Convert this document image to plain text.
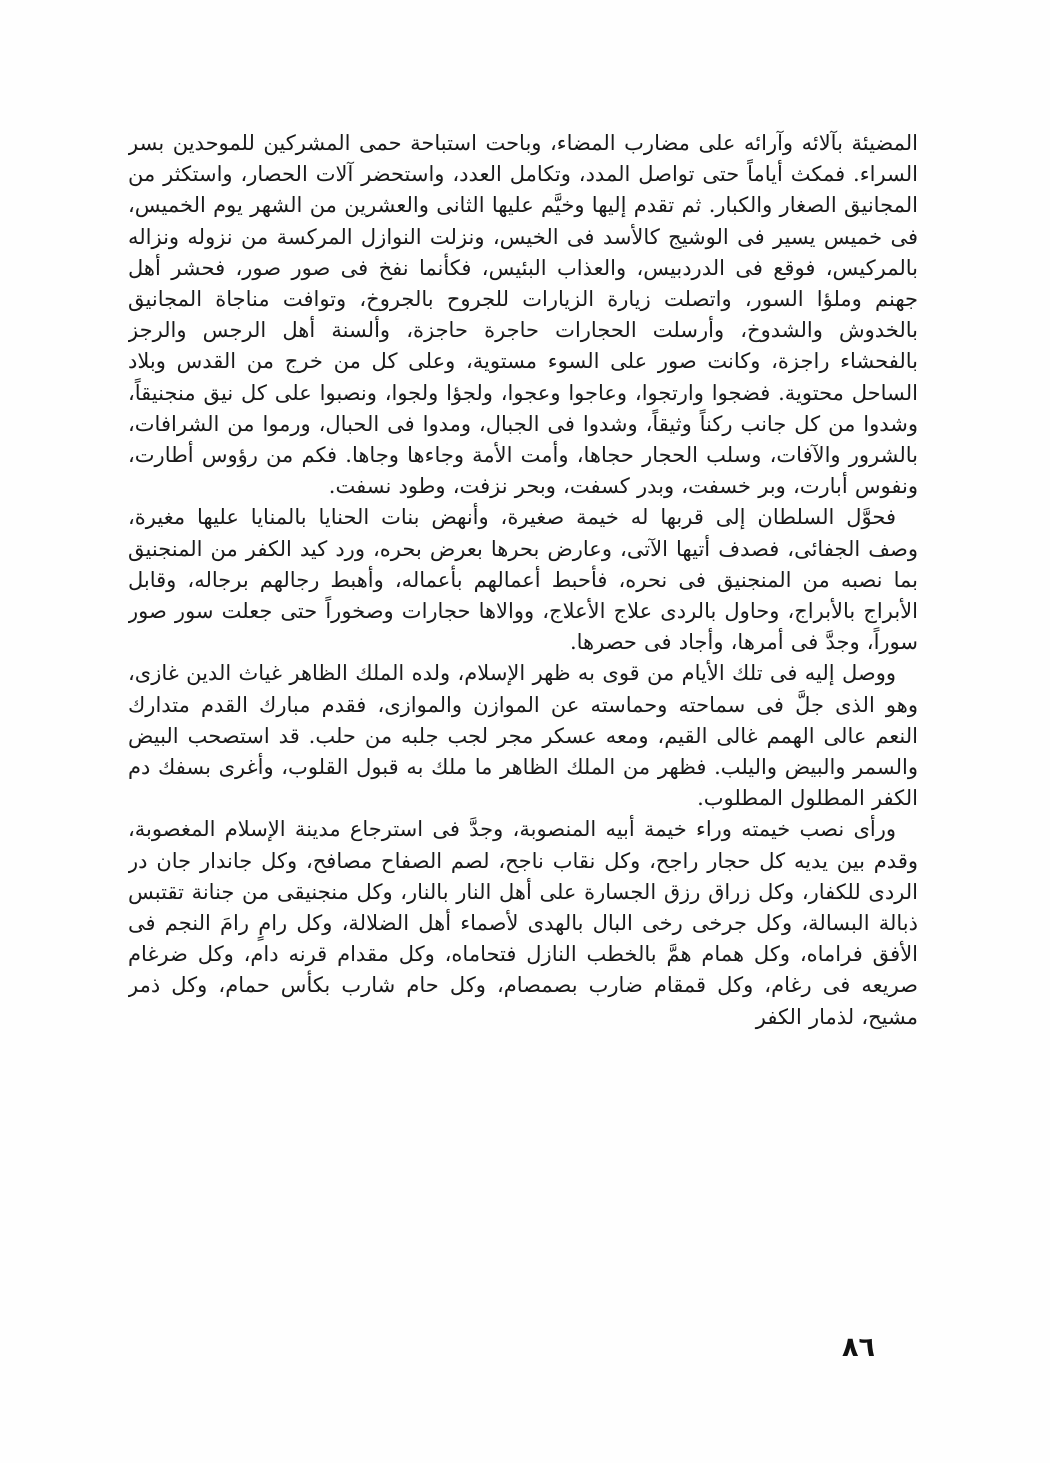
المضيئة بآلائه وآرائه على مضارب المضاء، وباحت استباحة حمى المشركين للموحدين بسر السراء. فمكث أياماً حتى تواصل المدد، وتكامل العدد، واستحضر آلات الحصار، واستكثر من المجانيق الصغار والكبار. ثم تقدم إليها وخيَّم عليها الثانى والعشرين من الشهر يوم الخميس، فى خميس يسير فى الوشيج كالأسد فى الخيس، ونزلت النوازل المركسة من نزوله ونزاله بالمركيس، فوقع فى الدردبيس، والعذاب البئيس، فكأنما نفخ فى صور صور، فحشر أهل جهنم وملؤا السور، واتصلت زيارة الزيارات للجروح بالجروخ، وتوافت مناجاة المجانيق بالخدوش والشدوخ، وأرسلت الحجارات حاجرة حاجزة، وألسنة أهل الرجس والرجز بالفحشاء راجزة، وكانت صور على السوء مستوية، وعلى كل من خرج من القدس وبلاد الساحل محتوية. فضجوا وارتجوا، وعاجوا وعجوا، ولجؤا ولجوا، ونصبوا على كل نيق منجنيقاً، وشدوا من كل جانب ركناً وثيقاً، وشدوا فى الجبال، ومدوا فى الحبال، ورموا من الشرافات، بالشرور والآفات، وسلب الحجار حجاها، وأمت الأمة وجاءها وجاها. فكم من رؤوس أطارت، ونفوس أبارت، وبر خسفت، وبدر كسفت، وبحر نزفت، وطود نسفت.

فحوَّل السلطان إلى قربها له خيمة صغيرة، وأنهض بنات الحنايا بالمنايا عليها مغيرة، وصف الجفائى، فصدف أتيها الآتى، وعارض بحرها بعرض بحره، ورد كيد الكفر من المنجنيق بما نصبه من المنجنيق فى نحره، فأحبط أعمالهم بأعماله، وأهبط رجالهم برجاله، وقابل الأبراج بالأبراج، وحاول بالردى علاج الأعلاج، ووالاها حجارات وصخوراً حتى جعلت سور صور سوراً، وجدَّ فى أمرها، وأجاد فى حصرها.

ووصل إليه فى تلك الأيام من قوى به ظهر الإسلام، ولده الملك الظاهر غياث الدين غازى، وهو الذى جلَّ فى سماحته وحماسته عن الموازن والموازى، فقدم مبارك القدم متدارك النعم عالى الهمم غالى القيم، ومعه عسكر مجر لجب جلبه من حلب. قد استصحب البيض والسمر والبيض واليلب. فظهر من الملك الظاهر ما ملك به قبول القلوب، وأغرى بسفك دم الكفر المطلول المطلوب.

ورأى نصب خيمته وراء خيمة أبيه المنصوبة، وجدَّ فى استرجاع مدينة الإسلام المغصوبة، وقدم بين يديه كل حجار راجح، وكل نقاب ناجح، لصم الصفاح مصافح، وكل جاندار جان در الردى للكفار، وكل زراق رزق الجسارة على أهل النار بالنار، وكل منجنيقى من جنانة تقتبس ذبالة البسالة، وكل جرخى رخى البال بالهدى لأصماء أهل الضلالة، وكل رامٍ رامَ النجم فى الأفق فراماه، وكل همام همَّ بالخطب النازل فتحاماه، وكل مقدام قرنه دام، وكل ضرغام صريعه فى رغام، وكل قمقام ضارب بصمصام، وكل حام شارب بكأس حمام، وكل ذمر مشيح، لذمار الكفر

٨٦
